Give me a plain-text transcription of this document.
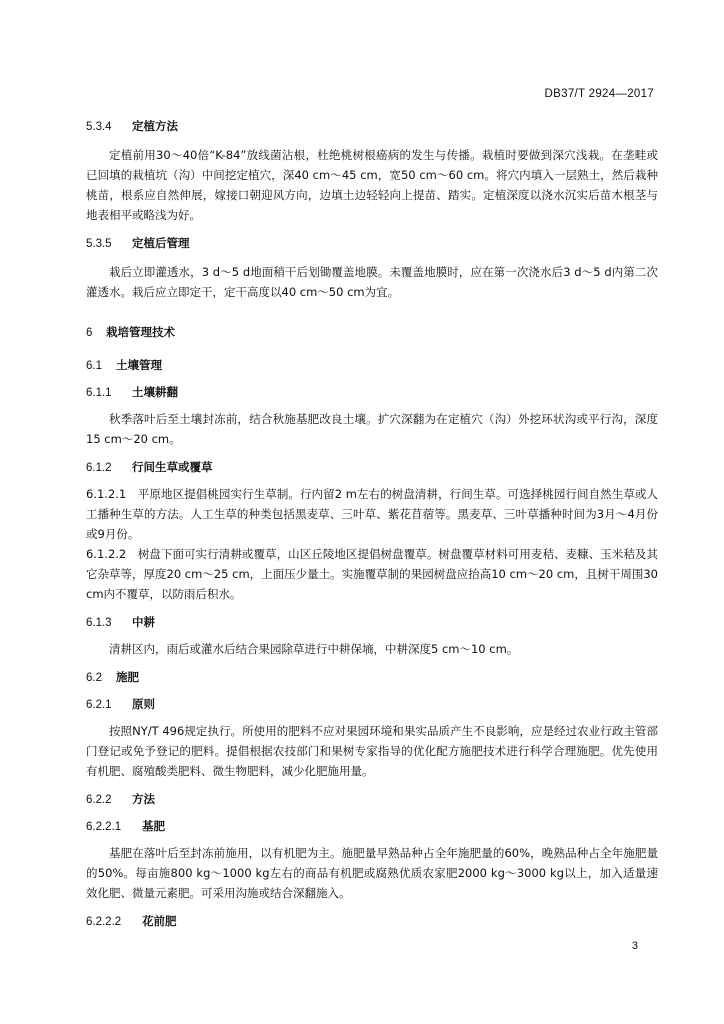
DB37/T 2924—2017
5.3.4 定植方法
定植前用30～40倍“K-84”放线菌沾根，杜绝桃树根癌病的发生与传播。栽植时要做到深穴浅栽。在垄畦或已回填的栽植坑（沟）中间挖定植穴，深40 cm～45 cm，宽50 cm～60 cm。将穴内填入一层熟土，然后栽种桃苗，根系应自然伸展，嫁接口朝迎风方向，边填土边轻轻向上提苗、踏实。定植深度以浇水沉实后苗木根茎与地表相平或略浅为好。
5.3.5 定植后管理
栽后立即灌透水，3 d～5 d地面稍干后划锄覆盖地膜。未覆盖地膜时，应在第一次浇水后3 d～5 d内第二次灌透水。栽后应立即定干，定干高度以40 cm～50 cm为宜。
6 栽培管理技术
6.1 土壤管理
6.1.1 土壤耕翻
秋季落叶后至土壤封冻前，结合秋施基肥改良土壤。扩穴深翻为在定植穴（沟）外挖环状沟或平行沟，深度15 cm～20 cm。
6.1.2 行间生草或覆草
6.1.2.1　平原地区提倡桃园实行生草制。行内留2 m左右的树盘清耕，行间生草。可选择桃园行间自然生草或人工播种生草的方法。人工生草的种类包括黑麦草、三叶草、紫花苜蓿等。黑麦草、三叶草播种时间为3月～4月份或9月份。
6.1.2.2　树盘下面可实行清耕或覆草，山区丘陵地区提倡树盘覆草。树盘覆草材料可用麦秸、麦糠、玉米秸及其它杂草等，厚度20 cm～25 cm，上面压少量土。实施覆草制的果园树盘应抬高10 cm～20 cm，且树干周围30 cm内不覆草，以防雨后积水。
6.1.3 中耕
清耕区内，雨后或灌水后结合果园除草进行中耕保墒，中耕深度5 cm～10 cm。
6.2 施肥
6.2.1 原则
按照NY/T 496规定执行。所使用的肥料不应对果园环境和果实品质产生不良影响，应是经过农业行政主管部门登记或免予登记的肥料。提倡根据农技部门和果树专家指导的优化配方施肥技术进行科学合理施肥。优先使用有机肥、腐殖酸类肥料、微生物肥料，减少化肥施用量。
6.2.2 方法
6.2.2.1 基肥
基肥在落叶后至封冻前施用，以有机肥为主。施肥量早熟品种占全年施肥量的60%，晚熟品种占全年施肥量的50%。每亩施800 kg～1000 kg左右的商品有机肥或腐熟优质农家肥2000 kg～3000 kg以上，加入适量速效化肥、微量元素肥。可采用沟施或结合深翻施入。
6.2.2.2 花前肥
3
